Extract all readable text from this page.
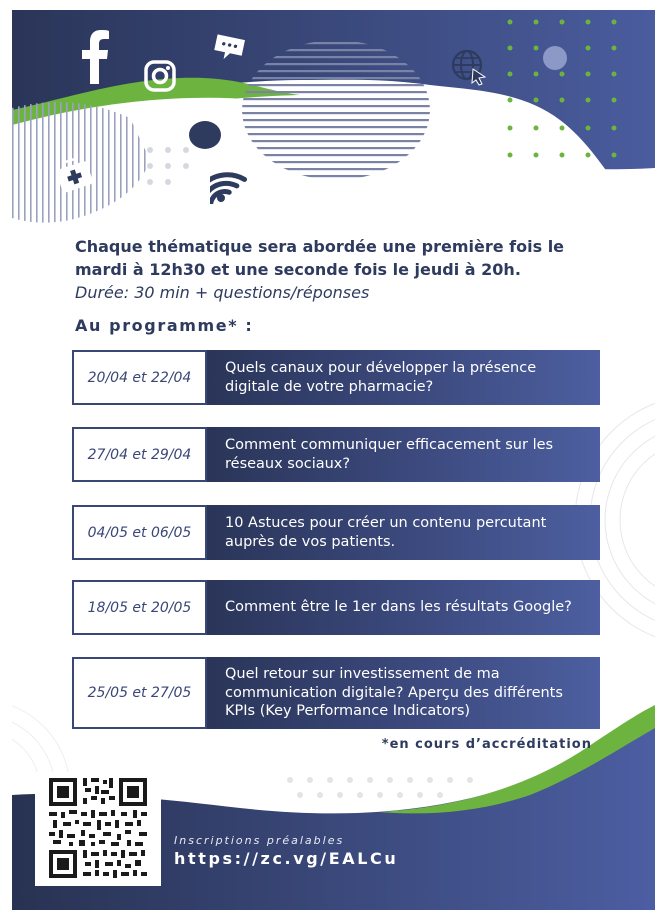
Chaque thématique sera abordée une première fois le

mardi à 12h30 et une seconde fois le jeudi à 20h.

Durée: 30 min + questions/réponses

Au programme* :

20/04 et 22/04
Quels canaux pour développer la présence digitale de votre pharmacie?
27/04 et 29/04
Comment communiquer efficacement sur les réseaux sociaux?
04/05 et 06/05
10 Astuces pour créer un contenu percutant auprès de vos patients.
18/05 et 20/05	Comment être le 1er dans les résultats Google?
25/05 et 27/05
Quel retour sur investissement de ma communication digitale? Aperçu des différents KPIs (Key Performance Indicators)

*en cours d’accréditation

Inscriptions préalables

https://zc.vg/EALCu
